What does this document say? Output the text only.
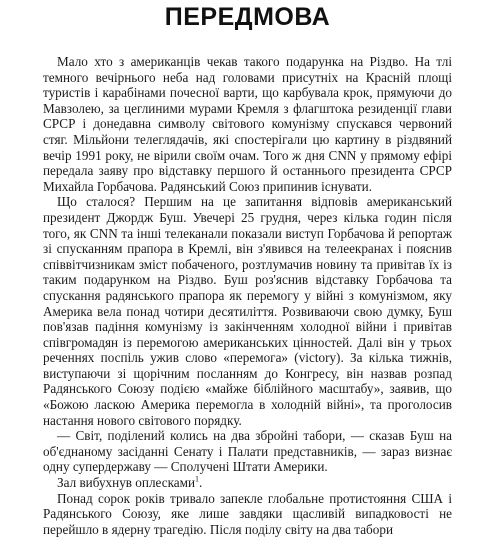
ПЕРЕДМОВА

Мало хто з американців чекав такого подарунка на Різдво. На тлі темного вечірнього неба над головами присутніх на Красній площі туристів і карабінами почесної варти, що карбувала крок, прямуючи до Мавзолею, за цеглиними мурами Кремля з флагштока резиденції глави СРСР і донедавна символу світового комунізму спускався червоний стяг. Мільйони телеглядачів, які спостерігали цю картину в різдвяний вечір 1991 року, не вірили своїм очам. Того ж дня CNN у прямому ефірі передала заяву про відставку першого й останнього президента СРСР Михайла Горбачова. Радянський Союз припинив існувати.

Що сталося? Першим на це запитання відповів американський президент Джордж Буш. Увечері 25 грудня, через кілька годин після того, як CNN та інші телеканали показали виступ Горбачова й репортаж зі спусканням прапора в Кремлі, він з'явився на телеекранах і пояснив співвітчизникам зміст побаченого, розтлумачив новину та привітав їх із таким подарунком на Різдво. Буш роз'яснив відставку Горбачова та спускання радянського прапора як перемогу у війні з комунізмом, яку Америка вела понад чотири десятиліття. Розвиваючи свою думку, Буш пов'язав падіння комунізму із закінченням холодної війни і привітав співгромадян із перемогою американських цінностей. Далі він у трьох реченнях поспіль ужив слово «перемога» (victory). За кілька тижнів, виступаючи зі щорічним посланням до Конгресу, він назвав розпад Радянського Союзу подією «майже біблійного масштабу», заявив, що «Божою ласкою Америка перемогла в холодній війні», та проголосив настання нового світового порядку.

— Світ, поділений колись на два збройні табори, — сказав Буш на об'єднаному засіданні Сенату і Палати представників, — зараз визнає одну супердержаву — Сполучені Штати Америки.

Зал вибухнув оплесками$^1$.

Понад сорок років тривало запекле глобальне протистояння США і Радянського Союзу, яке лише завдяки щасливій випадковості не перейшло в ядерну трагедію. Після поділу світу на два табори
